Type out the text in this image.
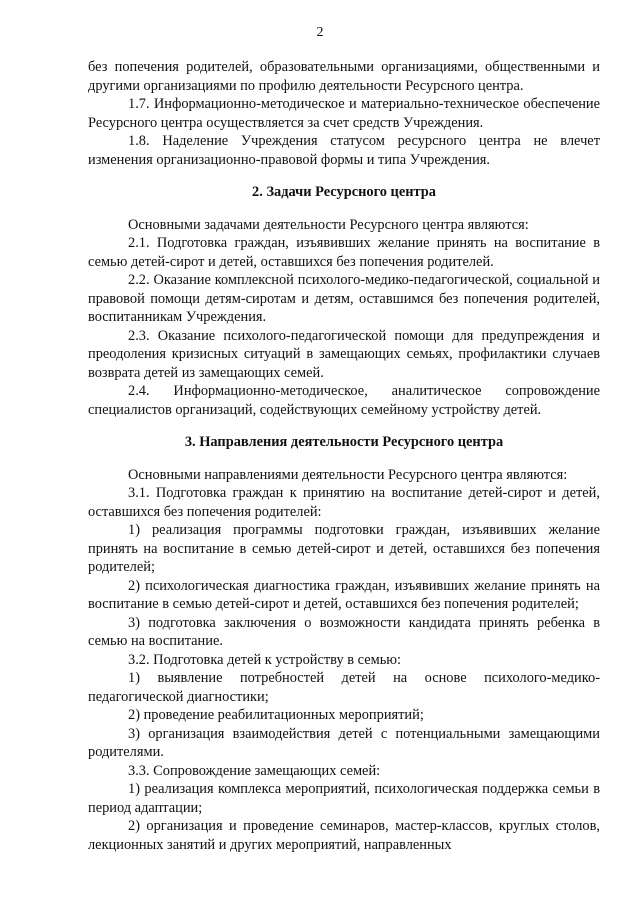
2

без попечения родителей, образовательными организациями, общественными и другими организациями по профилю деятельности Ресурсного центра.

1.7. Информационно-методическое и материально-техническое обеспечение Ресурсного центра осуществляется за счет средств Учреждения.

1.8. Наделение Учреждения статусом ресурсного центра не влечет изменения организационно-правовой формы и типа Учреждения.

2. Задачи Ресурсного центра

Основными задачами деятельности Ресурсного центра являются:

2.1. Подготовка граждан, изъявивших желание принять на воспитание в семью детей-сирот и детей, оставшихся без попечения родителей.

2.2. Оказание комплексной психолого-медико-педагогической, социальной и правовой помощи детям-сиротам и детям, оставшимся без попечения родителей, воспитанникам Учреждения.

2.3. Оказание психолого-педагогической помощи для предупреждения и преодоления кризисных ситуаций в замещающих семьях, профилактики случаев возврата детей из замещающих семей.

2.4. Информационно-методическое, аналитическое сопровождение специалистов организаций, содействующих семейному устройству детей.

3. Направления деятельности Ресурсного центра

Основными направлениями деятельности Ресурсного центра являются:

3.1. Подготовка граждан к принятию на воспитание детей-сирот и детей, оставшихся без попечения родителей:

1) реализация программы подготовки граждан, изъявивших желание принять на воспитание в семью детей-сирот и детей, оставшихся без попечения родителей;

2) психологическая диагностика граждан, изъявивших желание принять на воспитание в семью детей-сирот и детей, оставшихся без попечения родителей;

3) подготовка заключения о возможности кандидата принять ребенка в семью на воспитание.

3.2. Подготовка детей к устройству в семью:

1) выявление потребностей детей на основе психолого-медико-педагогической диагностики;

2) проведение реабилитационных мероприятий;

3) организация взаимодействия детей с потенциальными замещающими родителями.

3.3. Сопровождение замещающих семей:

1) реализация комплекса мероприятий, психологическая поддержка семьи в период адаптации;

2) организация и проведение семинаров, мастер-классов, круглых столов, лекционных занятий и других мероприятий, направленных
